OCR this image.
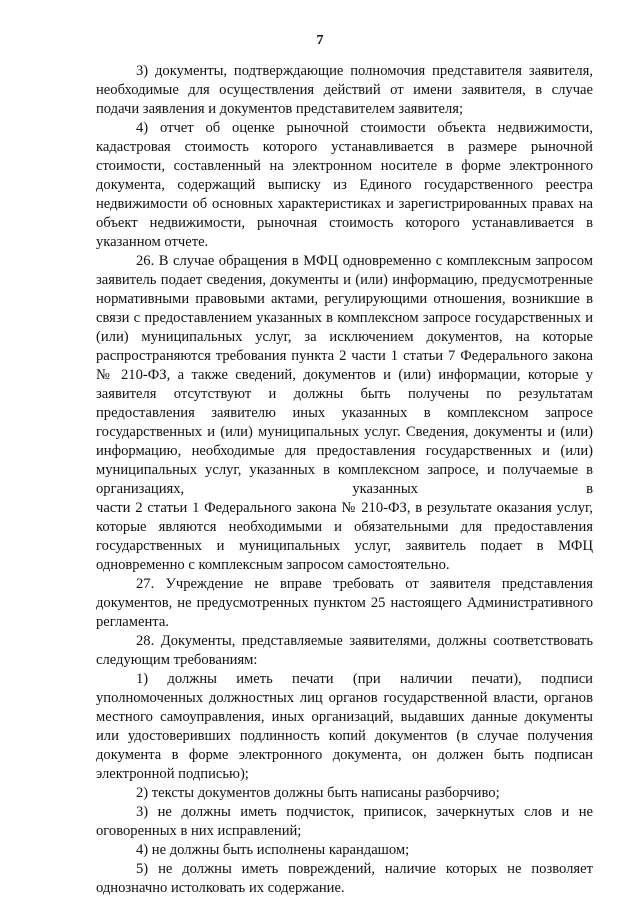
7

3) документы, подтверждающие полномочия представителя заявителя, необходимые для осуществления действий от имени заявителя, в случае подачи заявления и документов представителем заявителя;

4) отчет об оценке рыночной стоимости объекта недвижимости, кадастровая стоимость которого устанавливается в размере рыночной стоимости, составленный на электронном носителе в форме электронного документа, содержащий выписку из Единого государственного реестра недвижимости об основных характеристиках и зарегистрированных правах на объект недвижимости, рыночная стоимость которого устанавливается в указанном отчете.

26. В случае обращения в МФЦ одновременно с комплексным запросом заявитель подает сведения, документы и (или) информацию, предусмотренные нормативными правовыми актами, регулирующими отношения, возникшие в связи с предоставлением указанных в комплексном запросе государственных и (или) муниципальных услуг, за исключением документов, на которые распространяются требования пункта 2 части 1 статьи 7 Федерального закона № 210-ФЗ, а также сведений, документов и (или) информации, которые у заявителя отсутствуют и должны быть получены по результатам предоставления заявителю иных указанных в комплексном запросе государственных и (или) муниципальных услуг. Сведения, документы и (или) информацию, необходимые для предоставления государственных и (или) муниципальных услуг, указанных в комплексном запросе, и получаемые в организациях, указанных в

части 2 статьи 1 Федерального закона № 210-ФЗ, в результате оказания услуг, которые являются необходимыми и обязательными для предоставления государственных и муниципальных услуг, заявитель подает в МФЦ одновременно с комплексным запросом самостоятельно.

27. Учреждение не вправе требовать от заявителя представления документов, не предусмотренных пунктом 25 настоящего Административного регламента.

28. Документы, представляемые заявителями, должны соответствовать следующим требованиям:

1) должны иметь печати (при наличии печати), подписи уполномоченных должностных лиц органов государственной власти, органов местного самоуправления, иных организаций, выдавших данные документы или удостоверивших подлинность копий документов (в случае получения документа в форме электронного документа, он должен быть подписан электронной подписью);

2) тексты документов должны быть написаны разборчиво;

3) не должны иметь подчисток, приписок, зачеркнутых слов и не оговоренных в них исправлений;

4) не должны быть исполнены карандашом;

5) не должны иметь повреждений, наличие которых не позволяет однозначно истолковать их содержание.
